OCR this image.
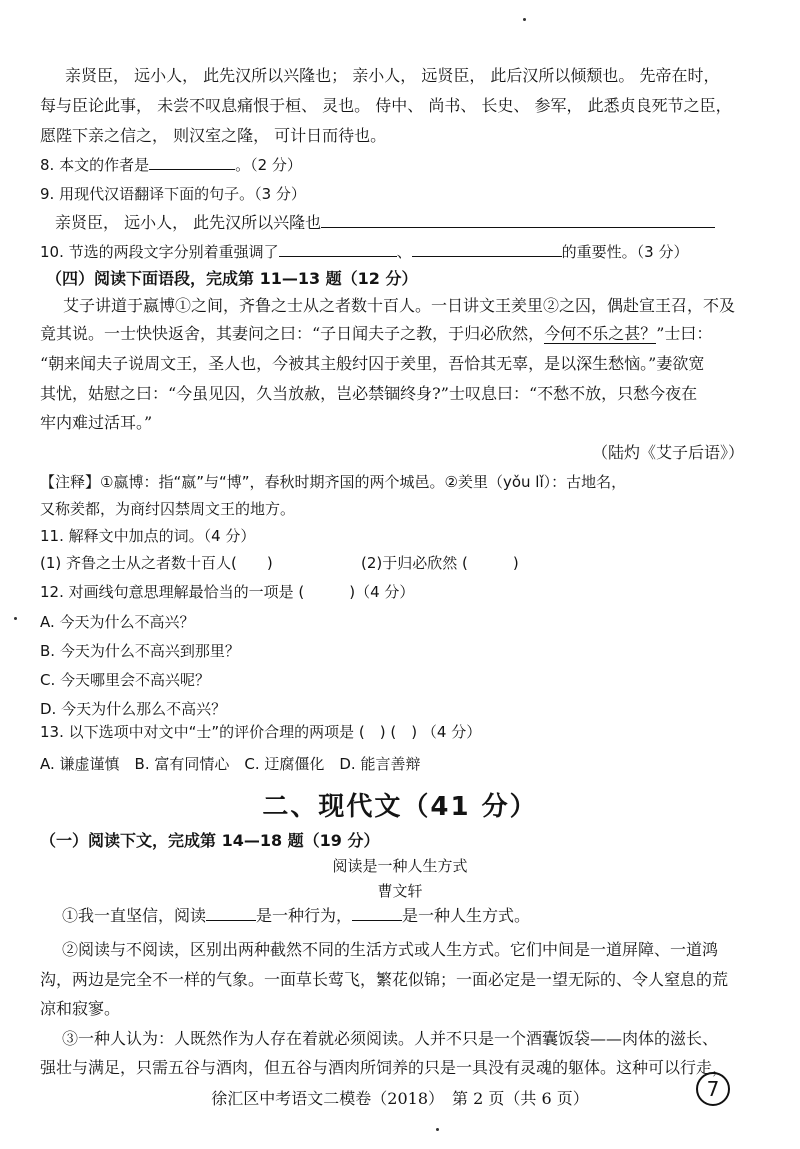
亲贤臣， 远小人， 此先汉所以兴隆也； 亲小人， 远贤臣， 此后汉所以倾颓也。 先帝在时，
每与臣论此事， 未尝不叹息痛恨于桓、 灵也。 侍中、 尚书、 长史、 参军， 此悉贞良死节之臣，
愿陛下亲之信之， 则汉室之隆， 可计日而待也。
8. 本文的作者是	。（2 分）
9. 用现代汉语翻译下面的句子。（3 分）
亲贤臣， 远小人， 此先汉所以兴隆也
10. 节选的两段文字分别着重强调了	、	的重要性。（3 分）
（四）阅读下面语段，完成第 11—13 题（12 分）
艾子讲道于嬴博①之间，齐鲁之士从之者数十百人。一日讲文王羑里②之囚，偶赴宣王召，不及
竟其说。一士快快返舍，其妻问之曰：“子日闻夫子之教，于归必欣然，今何不乐之甚？”士曰：
“朝来闻夫子说周文王，圣人也，今被其主般纣囚于羑里，吾恰其无辜，是以深生愁恼。”妻欲宽
其忧，姑慰之曰：“今虽见囚，久当放赦，岂必禁锢终身?”士叹息曰：“不愁不放，只愁今夜在
牢内难过活耳。”
（陆灼《艾子后语》）
【注释】①嬴博：指“嬴”与“博”，春秋时期齐国的两个城邑。②羑里（yǒu lǐ）：古地名，
又称羑都，为商纣囚禁周文王的地方。
11. 解释文中加点的词。（4 分）
(1) 齐鲁之士从之者数十百人(　　)	(2)于归必欣然 (　　　)
12. 对画线句意思理解最恰当的一项是 (　　　)（4 分）
A. 今天为什么不高兴？
B. 今天为什么不高兴到那里？
C. 今天哪里会不高兴呢？
D. 今天为什么那么不高兴？
13. 以下选项中对文中“士”的评价合理的两项是 (　) (　) （4 分）
A. 谦虚谨慎　B. 富有同情心　C. 迂腐僵化　D. 能言善辩
二、现代文（41 分）
（一）阅读下文，完成第 14—18 题（19 分）
阅读是一种人生方式
曹文轩
①我一直坚信，阅读	是一种行为，	是一种人生方式。
②阅读与不阅读，区别出两种截然不同的生活方式或人生方式。它们中间是一道屏障、一道鸿
沟，两边是完全不一样的气象。一面草长莺飞，繁花似锦；一面必定是一望无际的、令人窒息的荒
凉和寂寥。
③一种人认为：人既然作为人存在着就必须阅读。人并不只是一个酒囊饭袋——肉体的滋长、
强壮与满足，只需五谷与酒肉，但五谷与酒肉所饲养的只是一具没有灵魂的躯体。这种可以行走，
徐汇区中考语文二模卷（2018）　第 2 页（共 6 页）	7
